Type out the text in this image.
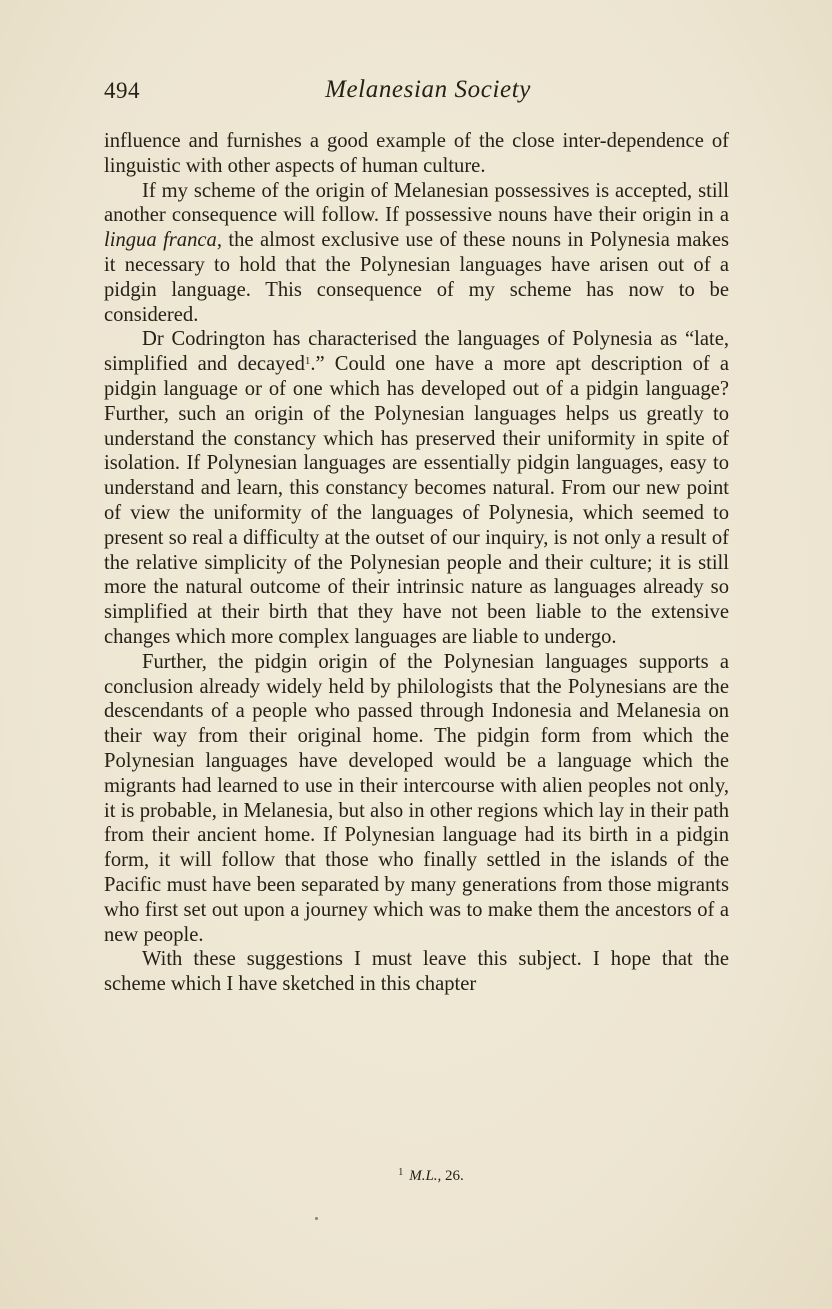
494	Melanesian Society

influence and furnishes a good example of the close inter-dependence of linguistic with other aspects of human culture.

If my scheme of the origin of Melanesian possessives is accepted, still another consequence will follow. If possessive nouns have their origin in a lingua franca, the almost exclusive use of these nouns in Polynesia makes it necessary to hold that the Polynesian languages have arisen out of a pidgin language. This consequence of my scheme has now to be considered.

Dr Codrington has characterised the languages of Polynesia as “late, simplified and decayed$^1$.” Could one have a more apt description of a pidgin language or of one which has developed out of a pidgin language? Further, such an origin of the Polynesian languages helps us greatly to understand the constancy which has preserved their uniformity in spite of isolation. If Polynesian languages are essentially pidgin languages, easy to understand and learn, this constancy becomes natural. From our new point of view the uniformity of the languages of Polynesia, which seemed to present so real a difficulty at the outset of our inquiry, is not only a result of the relative simplicity of the Polynesian people and their culture; it is still more the natural outcome of their intrinsic nature as languages already so simplified at their birth that they have not been liable to the extensive changes which more complex languages are liable to undergo.

Further, the pidgin origin of the Polynesian languages supports a conclusion already widely held by philologists that the Polynesians are the descendants of a people who passed through Indonesia and Melanesia on their way from their original home. The pidgin form from which the Polynesian languages have developed would be a language which the migrants had learned to use in their intercourse with alien peoples not only, it is probable, in Melanesia, but also in other regions which lay in their path from their ancient home. If Polynesian language had its birth in a pidgin form, it will follow that those who finally settled in the islands of the Pacific must have been separated by many generations from those migrants who first set out upon a journey which was to make them the ancestors of a new people.

With these suggestions I must leave this subject. I hope that the scheme which I have sketched in this chapter

$^1$ M.L., 26.
